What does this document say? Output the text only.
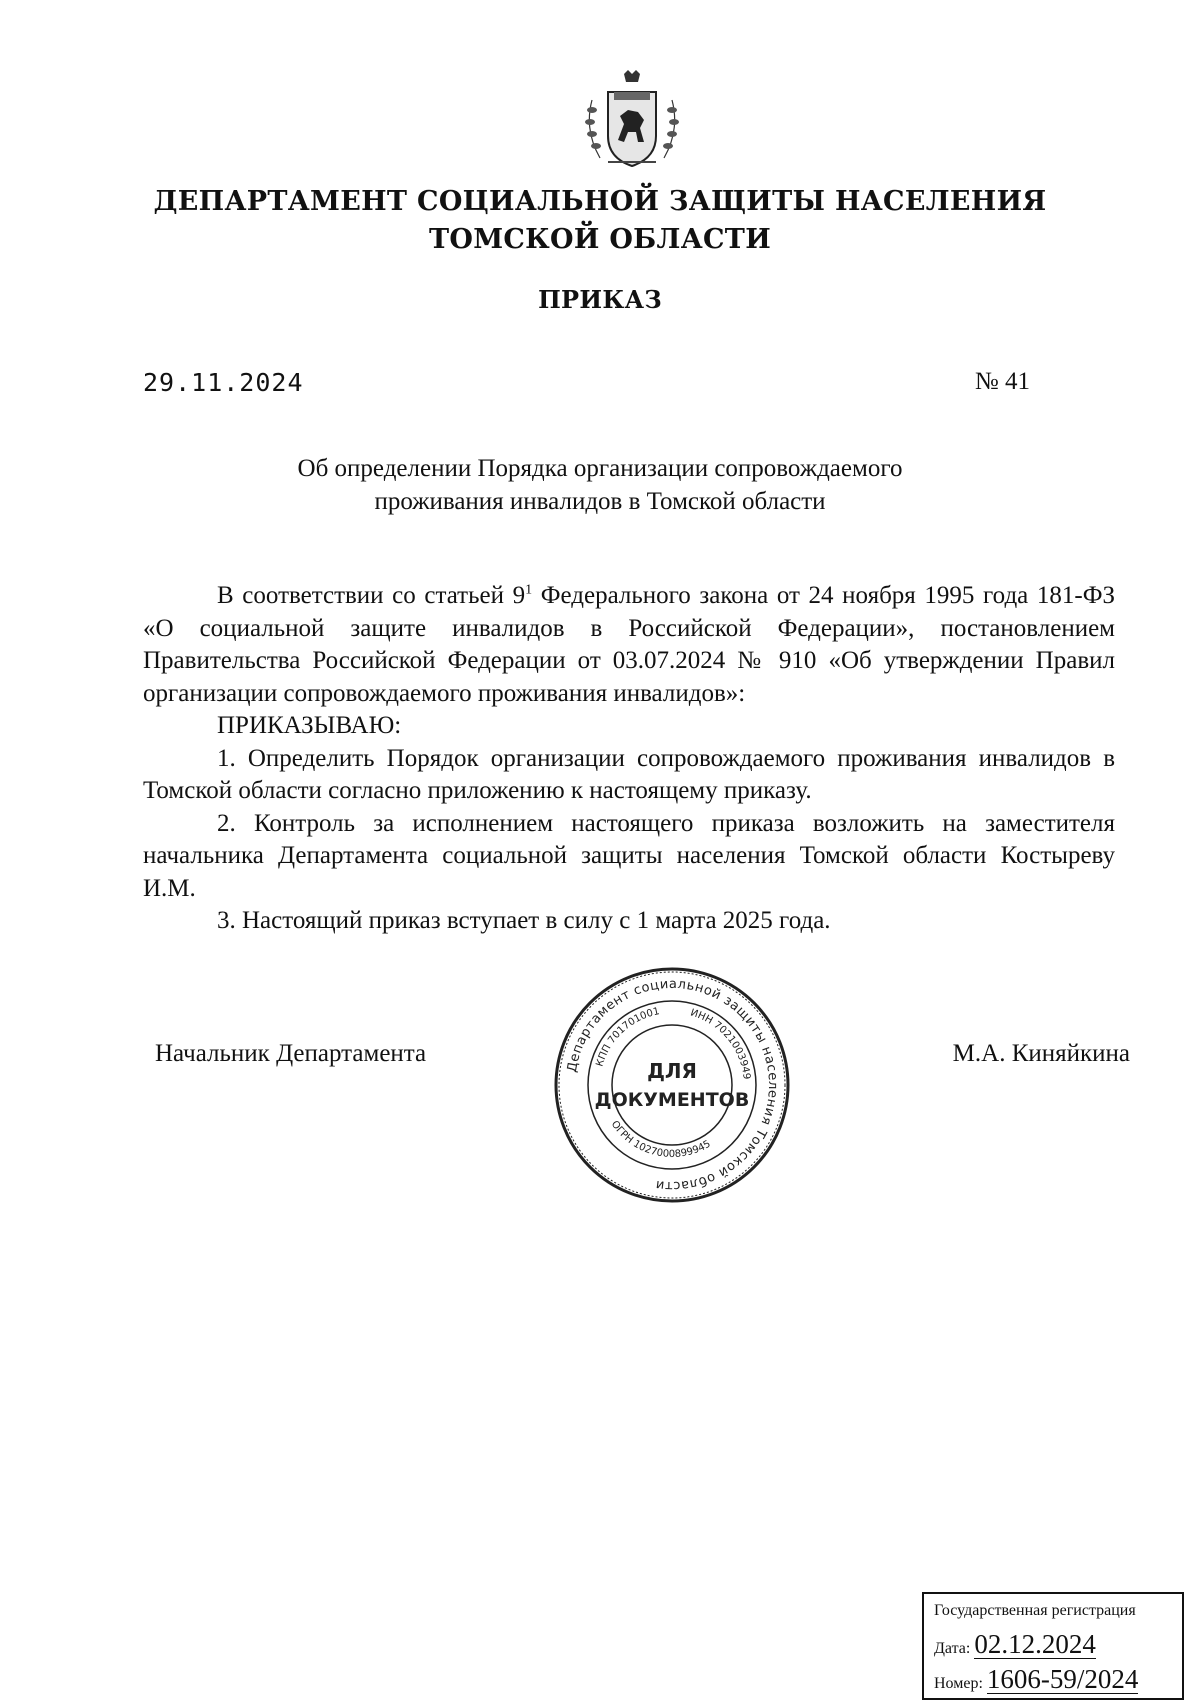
ДЕПАРТАМЕНТ СОЦИАЛЬНОЙ ЗАЩИТЫ НАСЕЛЕНИЯ
ТОМСКОЙ ОБЛАСТИ
ПРИКАЗ
29.11.2024	№ 41
Об определении Порядка организации сопровождаемого
проживания инвалидов в Томской области

В соответствии со статьей $9^1$ Федерального закона от 24 ноября 1995 года 181-ФЗ «О социальной защите инвалидов в Российской Федерации», постановлением Правительства Российской Федерации от 03.07.2024 № 910 «Об утверждении Правил организации сопровождаемого проживания инвалидов»:

ПРИКАЗЫВАЮ:

1. Определить Порядок организации сопровождаемого проживания инвалидов в Томской области согласно приложению к настоящему приказу.

2. Контроль за исполнением настоящего приказа возложить на заместителя начальника Департамента социальной защиты населения Томской области Костыреву И.М.

3. Настоящий приказ вступает в силу с 1 марта 2025 года.

Начальник Департамента	М.А. Киняйкина
Департамент социальной защиты населения Томской области
КПП 701701001	ИНН 7021003949
ОГРН 1027000899945
ДЛЯ
ДОКУМЕНТОВ
Государственная регистрация
Дата: 02.12.2024
Номер: 1606-59/2024
